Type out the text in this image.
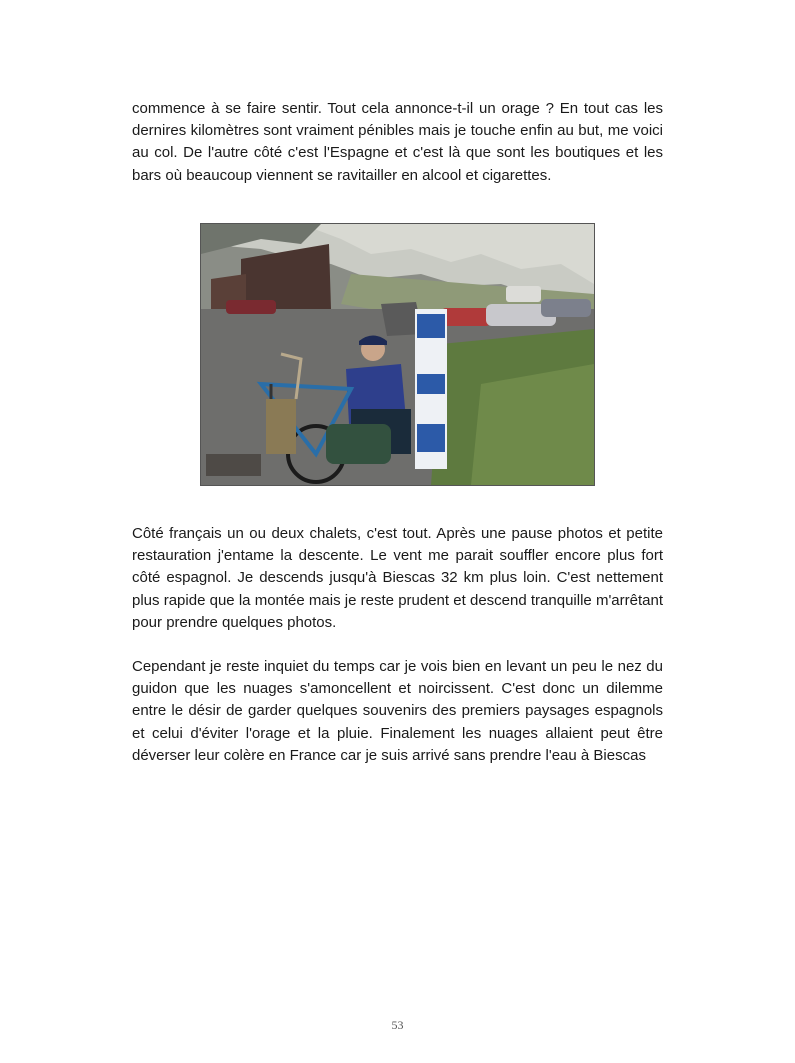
commence à se faire sentir. Tout cela annonce-t-il un orage ? En tout cas les dernires kilomètres sont vraiment pénibles mais je touche enfin au but, me voici au col. De l'autre côté c'est l'Espagne et c'est là que sont les boutiques et les bars où beaucoup viennent se ravitailler en alcool et cigarettes.

Côté français un ou deux chalets, c'est tout. Après une pause photos et petite restauration j'entame la descente. Le vent me parait souffler encore plus fort côté espagnol. Je descends jusqu'à Biescas 32 km plus loin. C'est nettement plus rapide que la montée mais je reste prudent et descend tranquille m'arrêtant pour prendre quelques photos.

Cependant je reste inquiet du temps car je vois bien en levant un peu le nez du guidon que les nuages s'amoncellent et noircissent. C'est donc un dilemme entre le désir de garder quelques souvenirs des premiers paysages espagnols et celui d'éviter l'orage et la pluie. Finalement les nuages allaient peut être déverser leur colère en France car je suis arrivé sans prendre l'eau à Biescas

53
